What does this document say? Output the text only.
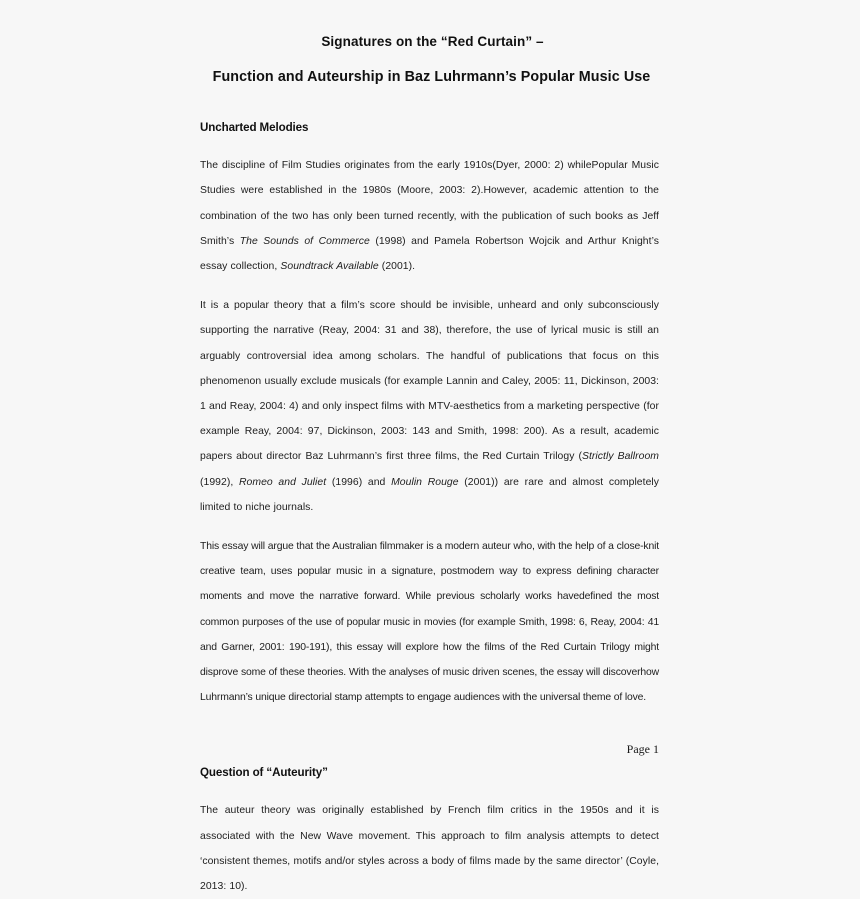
Signatures on the “Red Curtain” –
Function and Auteurship in Baz Luhrmann’s Popular Music Use
Uncharted Melodies

The discipline of Film Studies originates from the early 1910s(Dyer, 2000: 2) whilePopular Music Studies were established in the 1980s (Moore, 2003: 2).However, academic attention to the combination of the two has only been turned recently, with the publication of such books as Jeff Smith’s The Sounds of Commerce (1998) and Pamela Robertson Wojcik and Arthur Knight’s essay collection, Soundtrack Available (2001).

It is a popular theory that a film’s score should be invisible, unheard and only subconsciously supporting the narrative (Reay, 2004: 31 and 38), therefore, the use of lyrical music is still an arguably controversial idea among scholars. The handful of publications that focus on this phenomenon usually exclude musicals (for example Lannin and Caley, 2005: 11, Dickinson, 2003: 1 and Reay, 2004: 4) and only inspect films with MTV-aesthetics from a marketing perspective (for example Reay, 2004: 97, Dickinson, 2003: 143 and Smith, 1998: 200). As a result, academic papers about director Baz Luhrmann’s first three films, the Red Curtain Trilogy (Strictly Ballroom (1992), Romeo and Juliet (1996) and Moulin Rouge (2001)) are rare and almost completely limited to niche journals.

This essay will argue that the Australian filmmaker is a modern auteur who, with the help of a close-knit creative team, uses popular music in a signature, postmodern way to express defining character moments and move the narrative forward. While previous scholarly works havedefined the most common purposes of the use of popular music in movies (for example Smith, 1998: 6, Reay, 2004: 41 and Garner, 2001: 190-191), this essay will explore how the films of the Red Curtain Trilogy might disprove some of these theories. With the analyses of music driven scenes, the essay will discoverhow Luhrmann’s unique directorial stamp attempts to engage audiences with the universal theme of love.

Question of “Auteurity”

The auteur theory was originally established by French film critics in the 1950s and it is associated with the New Wave movement. This approach to film analysis attempts to detect ‘consistent themes, motifs and/or styles across a body of films made by the same director’ (Coyle, 2013: 10).

Page 1
